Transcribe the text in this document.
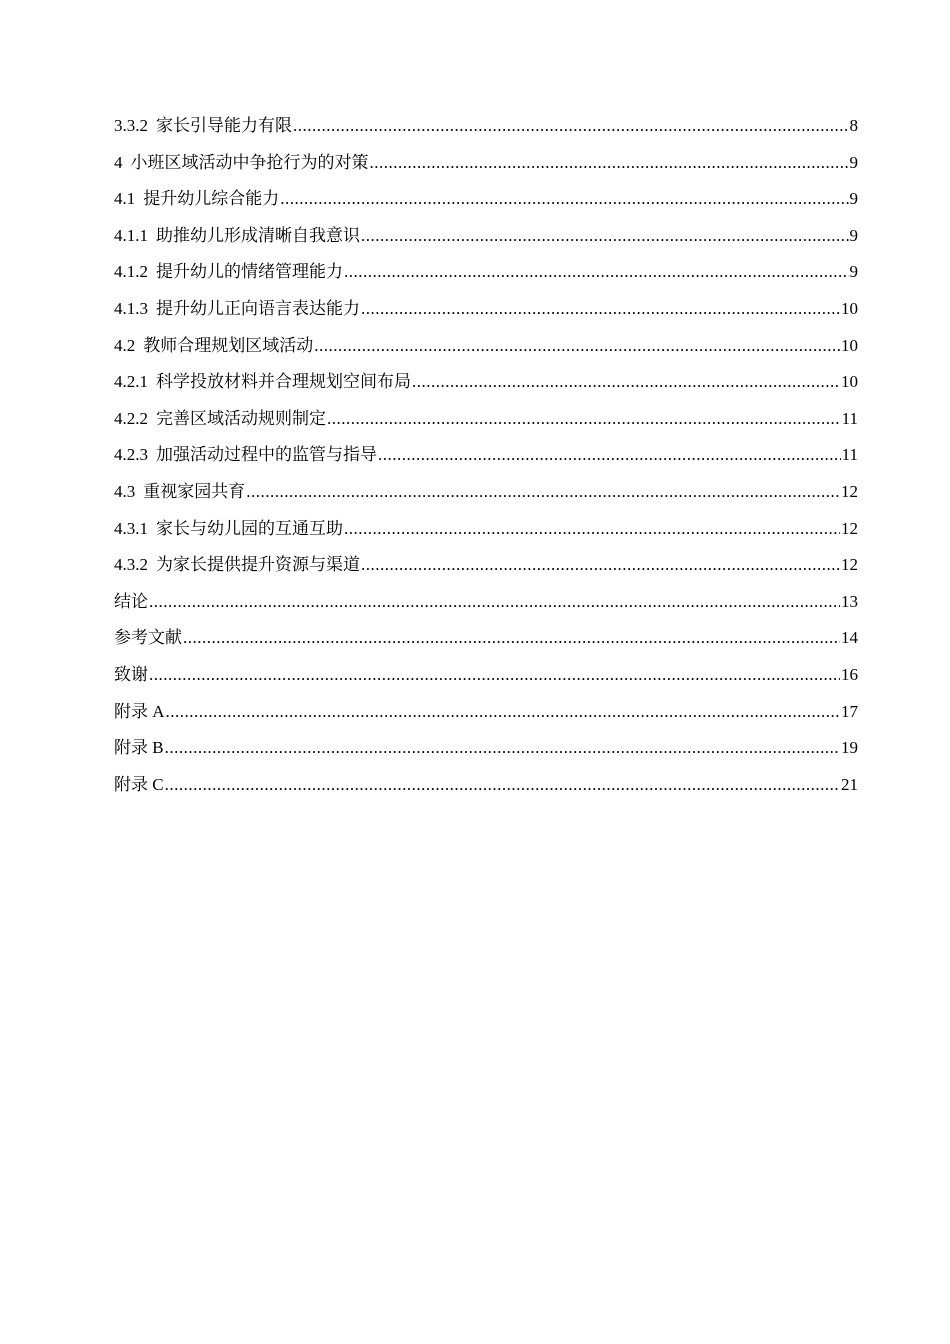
3.3.2 家长引导能力有限 .....	8
4 小班区域活动中争抢行为的对策 .....	9
4.1 提升幼儿综合能力 .....	9
4.1.1 助推幼儿形成清晰自我意识 .....	9
4.1.2 提升幼儿的情绪管理能力 .....	9
4.1.3 提升幼儿正向语言表达能力 .....	10
4.2 教师合理规划区域活动 .....	10
4.2.1 科学投放材料并合理规划空间布局 .....	10
4.2.2 完善区域活动规则制定 .....	11
4.2.3 加强活动过程中的监管与指导 .....	11
4.3 重视家园共育 .....	12
4.3.1 家长与幼儿园的互通互助 .....	12
4.3.2 为家长提供提升资源与渠道 .....	12
结论 .....	13
参考文献 .....	14
致谢 .....	16
附录 A .....	17
附录 B .....	19
附录 C .....	21
